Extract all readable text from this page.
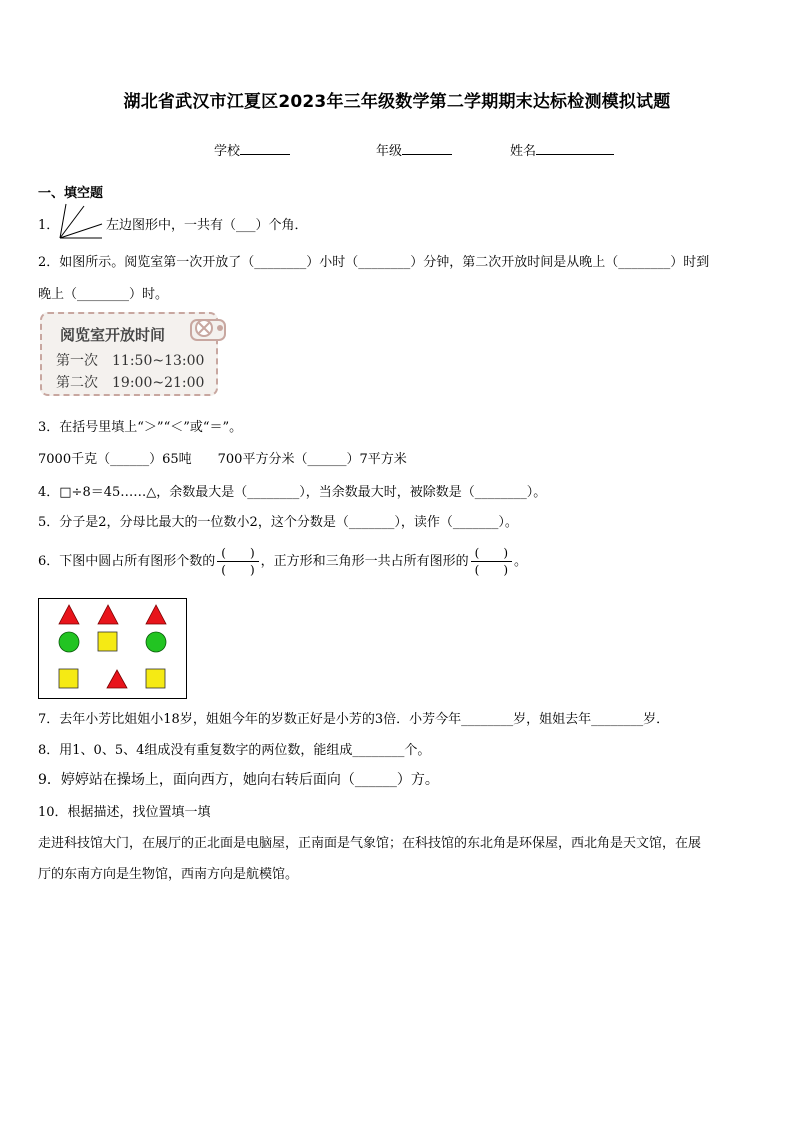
湖北省武汉市江夏区2023年三年级数学第二学期期末达标检测模拟试题
学校	年级	姓名
一、填空题
1．	左边图形中，一共有（___）个角．
2．如图所示。阅览室第一次开放了（________）小时（________）分钟，第二次开放时间是从晚上（________）时到
晚上（________）时。
阅览室开放时间
第一次　11:50~13:00
第二次　19:00~21:00
3．在括号里填上“＞”“＜”或“＝”。
7000千克（______）65吨　　700平方分米（______）7平方米
4．□÷8＝45……△，余数最大是（________），当余数最大时，被除数是（________）。
5．分子是2，分母比最大的一位数小2，这个分数是（_______），读作（_______）。
6．下图中圆占所有图形个数的 $\frac{( )}{( )}$ ，正方形和三角形一共占所有图形的 $\frac{( )}{( )}$ 。
7．去年小芳比姐姐小18岁，姐姐今年的岁数正好是小芳的3倍．小芳今年________岁，姐姐去年________岁．
8．用1、0、5、4组成没有重复数字的两位数，能组成________个。
9．婷婷站在操场上，面向西方，她向右转后面向（______）方。
10．根据描述，找位置填一填
走进科技馆大门，在展厅的正北面是电脑屋，正南面是气象馆；在科技馆的东北角是环保屋，西北角是天文馆，在展
厅的东南方向是生物馆，西南方向是航模馆。
